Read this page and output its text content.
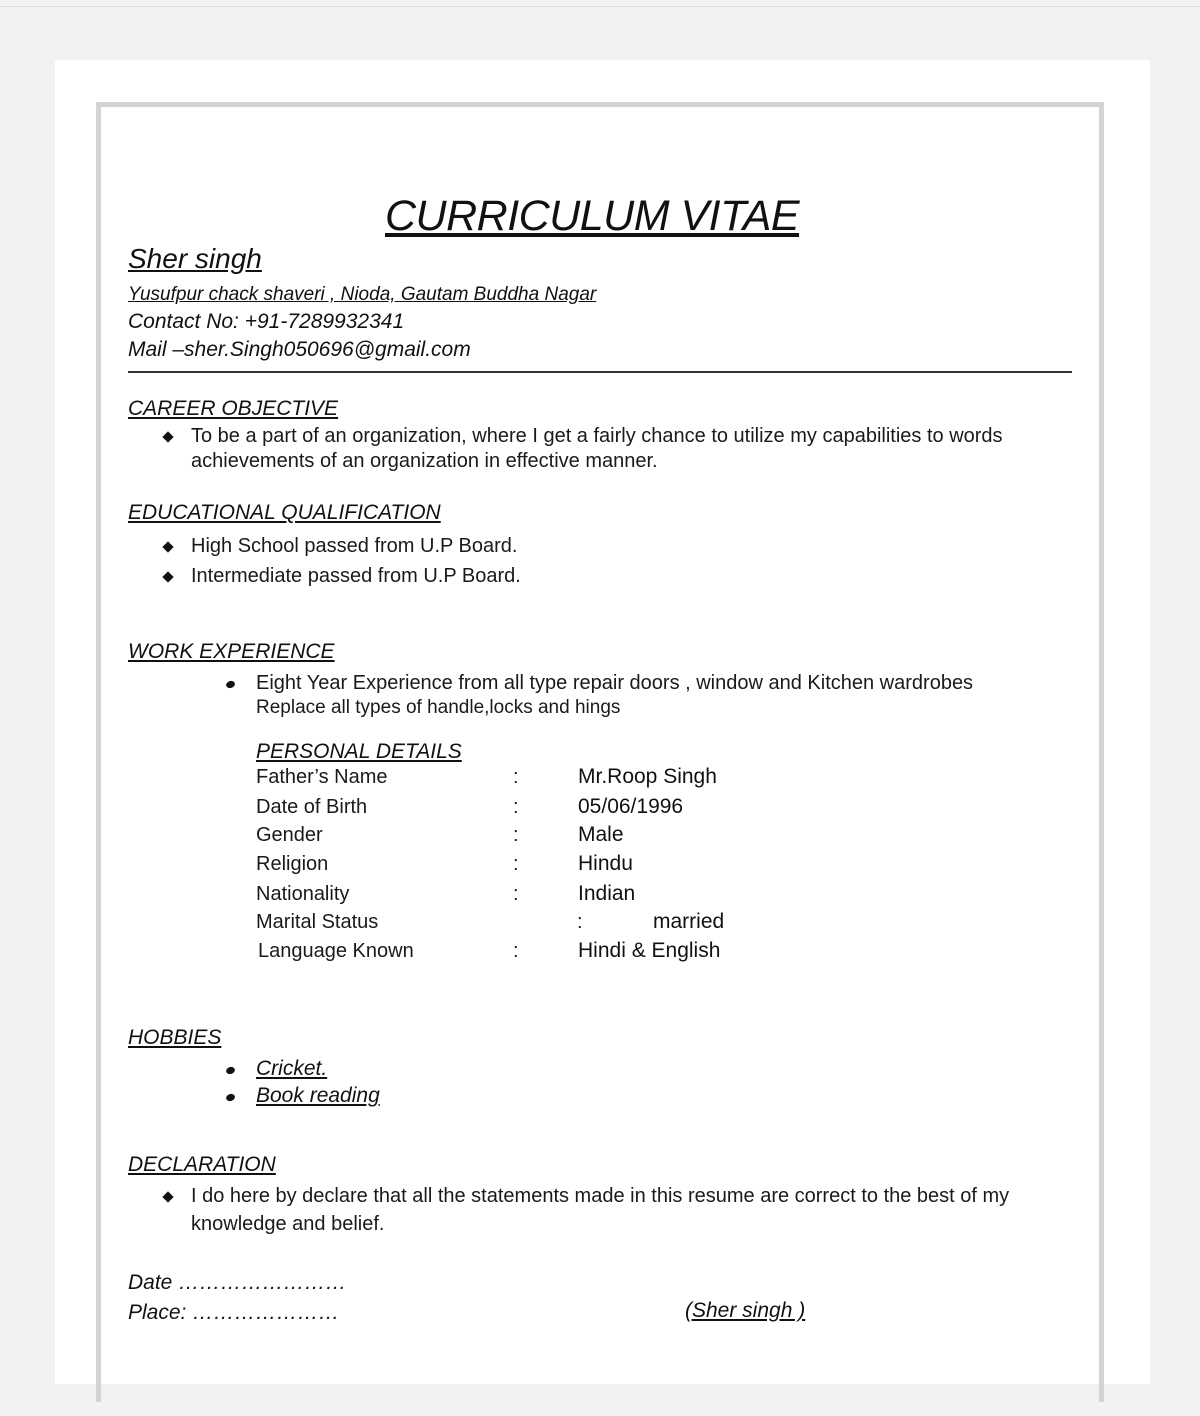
CURRICULUM VITAE
Sher singh
Yusufpur chack shaveri , Nioda, Gautam Buddha Nagar
Contact No: +91-7289932341
Mail –sher.Singh050696@gmail.com
CAREER OBJECTIVE
To be a part of an organization, where I get a fairly chance to utilize my capabilities to words
achievements of an organization in effective manner.
EDUCATIONAL QUALIFICATION
High School passed from U.P Board.
Intermediate passed from U.P Board.
WORK EXPERIENCE
Eight Year Experience from all type repair doors , window and Kitchen wardrobes
Replace all types of handle,locks and hings
PERSONAL DETAILS
Father’s Name	:	Mr.Roop Singh
Date of Birth	:	05/06/1996
Gender	:	Male
Religion	:	Hindu
Nationality	:	Indian
Marital Status	:	married
Language Known	:	Hindi & English
HOBBIES
Cricket.
Book reading
DECLARATION
I do here by declare that all the statements made in this resume are correct to the best of my
knowledge and belief.
Date ……………………
Place: …………………	(Sher singh )
